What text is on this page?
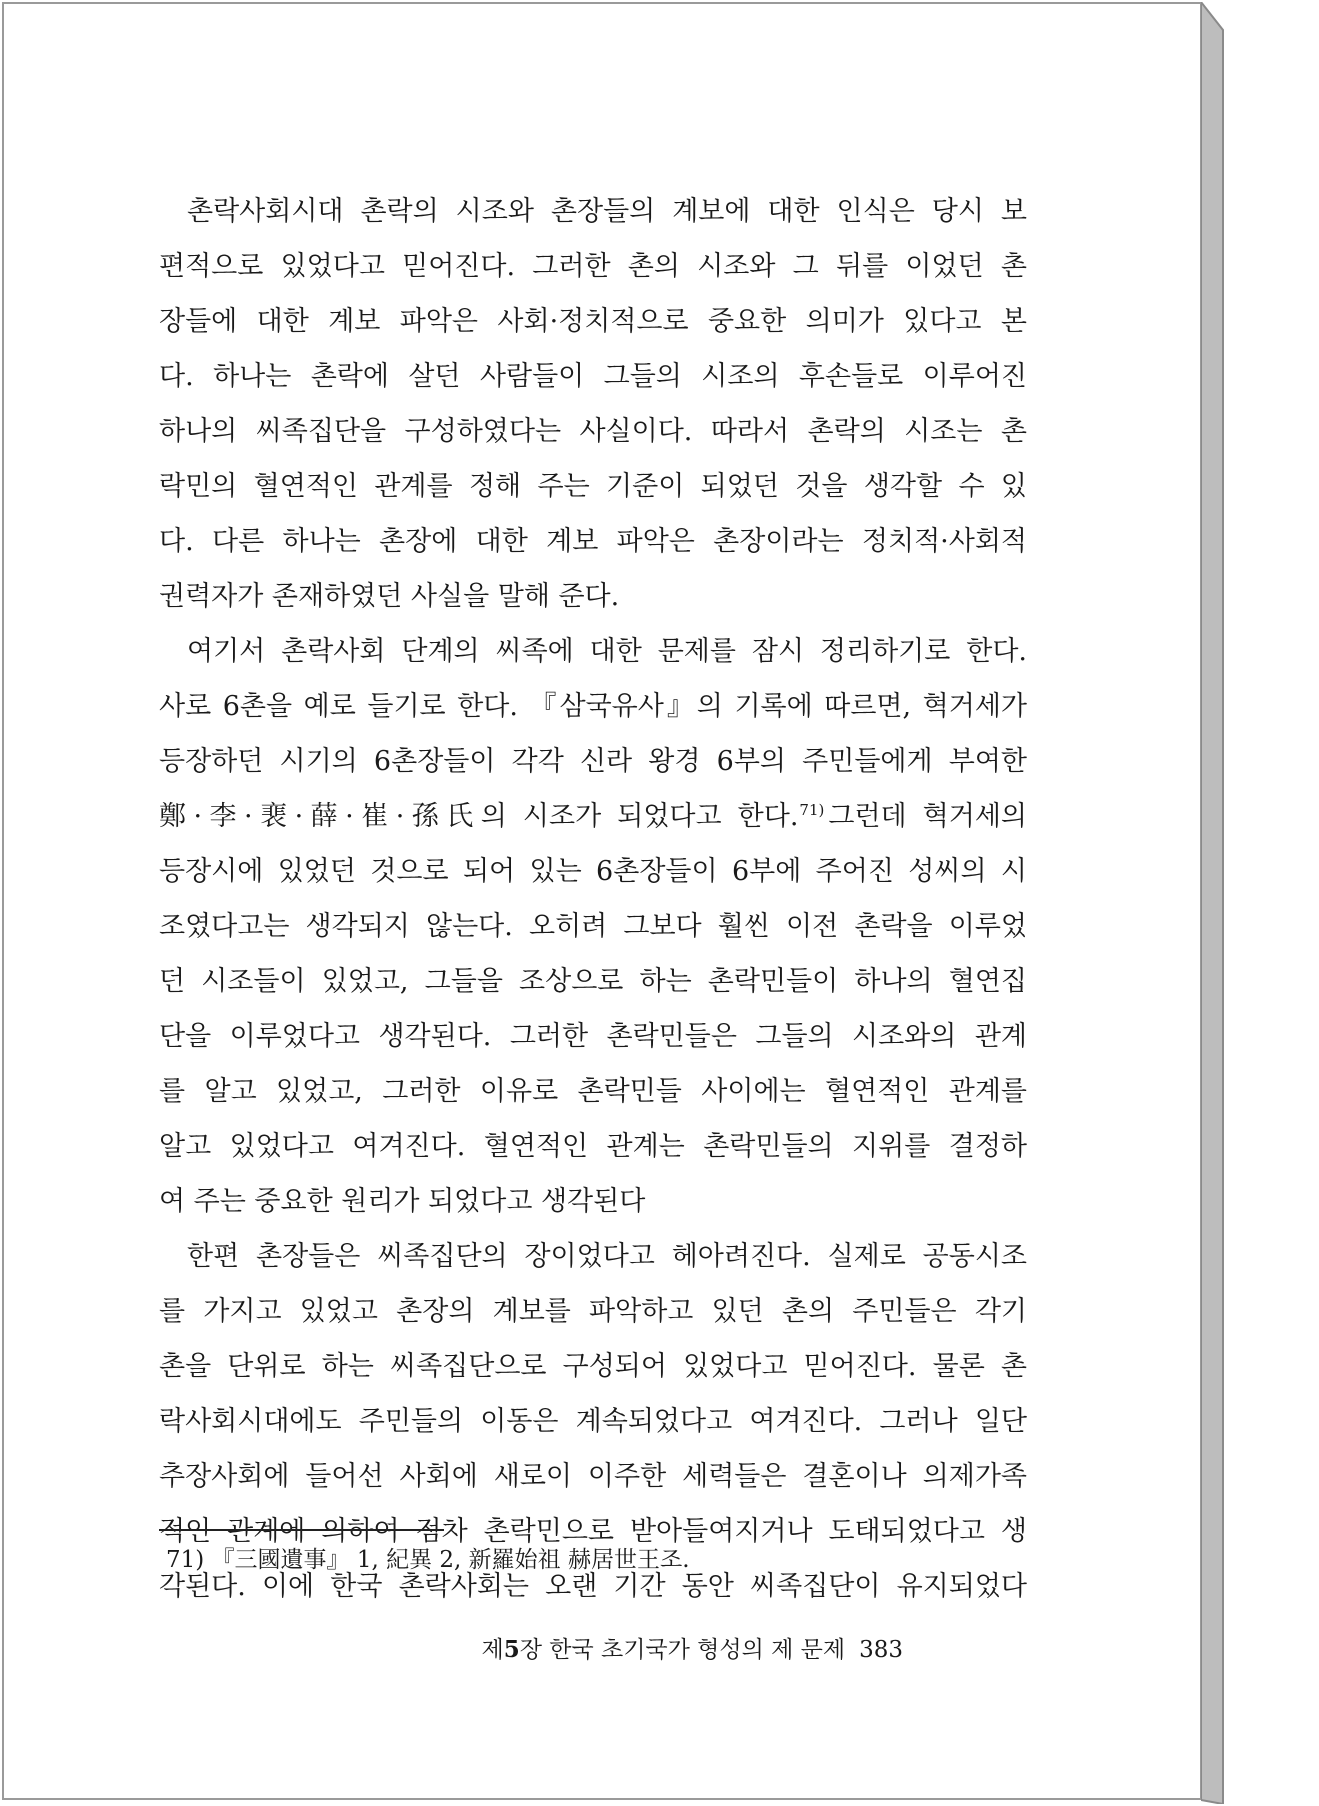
촌락사회시대 촌락의 시조와 촌장들의 계보에 대한 인식은 당시 보
편적으로 있었다고 믿어진다. 그러한 촌의 시조와 그 뒤를 이었던 촌
장들에 대한 계보 파악은 사회·정치적으로 중요한 의미가 있다고 본
다. 하나는 촌락에 살던 사람들이 그들의 시조의 후손들로 이루어진
하나의 씨족집단을 구성하였다는 사실이다. 따라서 촌락의 시조는 촌
락민의 혈연적인 관계를 정해 주는 기준이 되었던 것을 생각할 수 있
다. 다른 하나는 촌장에 대한 계보 파악은 촌장이라는 정치적·사회적
권력자가 존재하였던 사실을 말해 준다.
여기서 촌락사회 단계의 씨족에 대한 문제를 잠시 정리하기로 한다.
사로 6촌을 예로 들기로 한다. 『삼국유사』의 기록에 따르면, 혁거세가
등장하던 시기의 6촌장들이 각각 신라 왕경 6부의 주민들에게 부여한
鄭·李·裵·薛·崔·孫氏의 시조가 되었다고 한다.$^{71)}$ 그런데 혁거세의
등장시에 있었던 것으로 되어 있는 6촌장들이 6부에 주어진 성씨의 시
조였다고는 생각되지 않는다. 오히려 그보다 훨씬 이전 촌락을 이루었
던 시조들이 있었고, 그들을 조상으로 하는 촌락민들이 하나의 혈연집
단을 이루었다고 생각된다. 그러한 촌락민들은 그들의 시조와의 관계
를 알고 있었고, 그러한 이유로 촌락민들 사이에는 혈연적인 관계를
알고 있었다고 여겨진다. 혈연적인 관계는 촌락민들의 지위를 결정하
여 주는 중요한 원리가 되었다고 생각된다
한편 촌장들은 씨족집단의 장이었다고 헤아려진다. 실제로 공동시조
를 가지고 있었고 촌장의 계보를 파악하고 있던 촌의 주민들은 각기
촌을 단위로 하는 씨족집단으로 구성되어 있었다고 믿어진다. 물론 촌
락사회시대에도 주민들의 이동은 계속되었다고 여겨진다. 그러나 일단
추장사회에 들어선 사회에 새로이 이주한 세력들은 결혼이나 의제가족
적인 관계에 의하여 점차 촌락민으로 받아들여지거나 도태되었다고 생
각된다. 이에 한국 촌락사회는 오랜 기간 동안 씨족집단이 유지되었다
71) 『三國遺事』 1, 紀異 2, 新羅始祖 赫居世王조.
제5장 한국 초기국가 형성의 제 문제 383
